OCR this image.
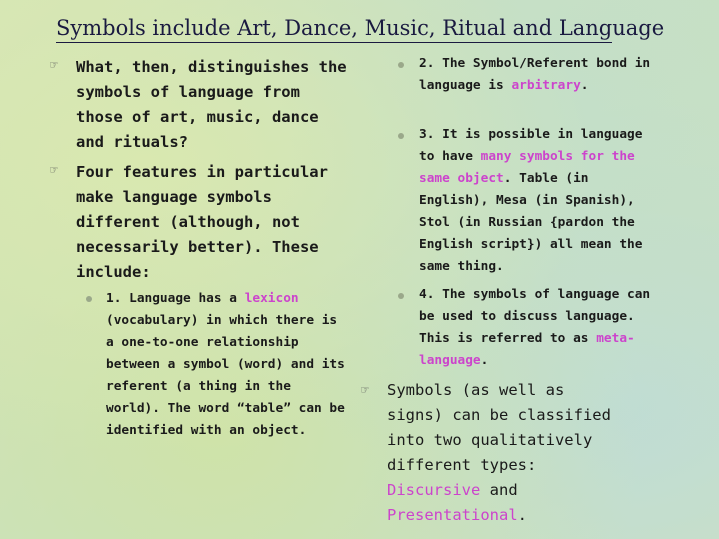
Symbols include Art, Dance, Music, Ritual and Language
☞ What, then, distinguishes the symbols of language from those of art, music, dance and rituals?
☞ Four features in particular make language symbols different (although, not necessarily better). These include:
1. Language has a lexicon (vocabulary) in which there is a one-to-one relationship between a symbol (word) and its referent (a thing in the world). The word “table” can be identified with an object.
2. The Symbol/Referent bond in language is arbitrary.
3. It is possible in language to have many symbols for the same object. Table (in English), Mesa (in Spanish), Stol (in Russian {pardon the English script}) all mean the same thing.
4. The symbols of language can be used to discuss language. This is referred to as meta-language.
☞ Symbols (as well as signs) can be classified into two qualitatively different types: Discursive and Presentational.
